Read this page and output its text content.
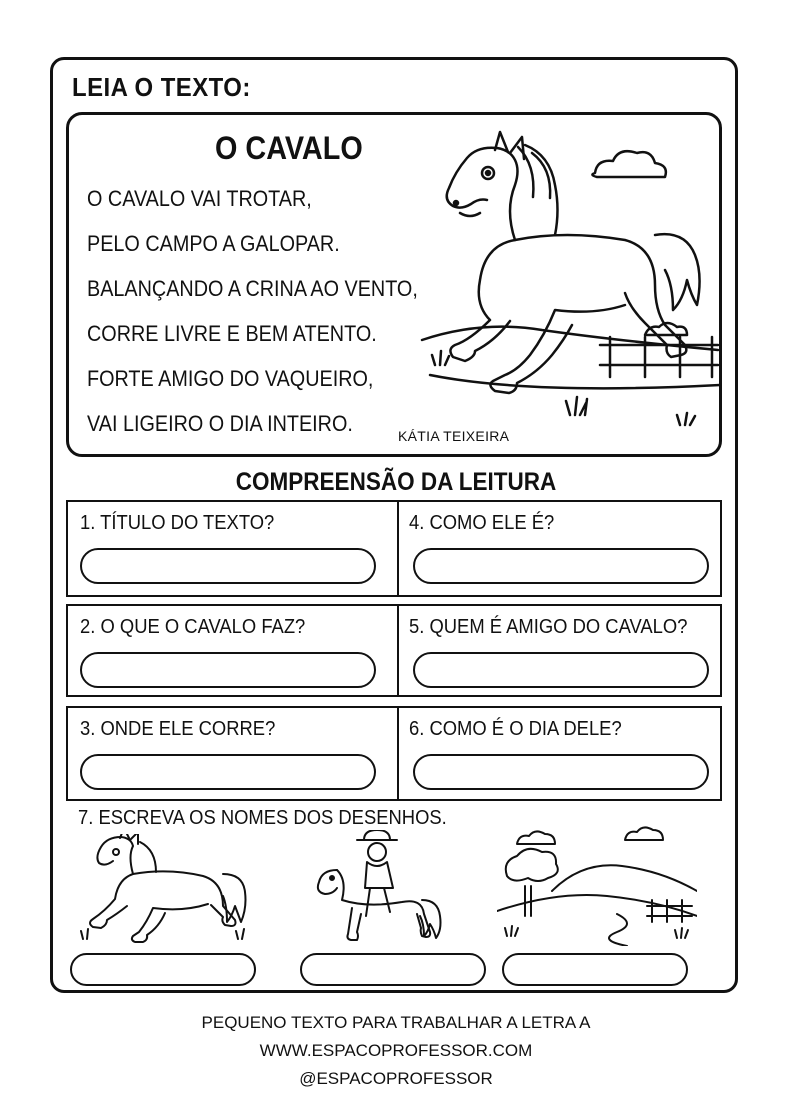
LEIA O TEXTO:
O CAVALO
O CAVALO VAI TROTAR,
PELO CAMPO A GALOPAR.
BALANÇANDO A CRINA AO VENTO,
CORRE LIVRE E BEM ATENTO.
FORTE AMIGO DO VAQUEIRO,
VAI LIGEIRO O DIA INTEIRO.	KÁTIA TEIXEIRA
COMPREENSÃO DA LEITURA
1. TÍTULO DO TEXTO?	4. COMO ELE É?
2. O QUE O CAVALO FAZ?	5. QUEM É AMIGO DO CAVALO?
3. ONDE ELE CORRE?	6. COMO É O DIA DELE?
7. ESCREVA OS NOMES DOS DESENHOS.
PEQUENO TEXTO PARA TRABALHAR A LETRA A
WWW.ESPACOPROFESSOR.COM
@ESPACOPROFESSOR
